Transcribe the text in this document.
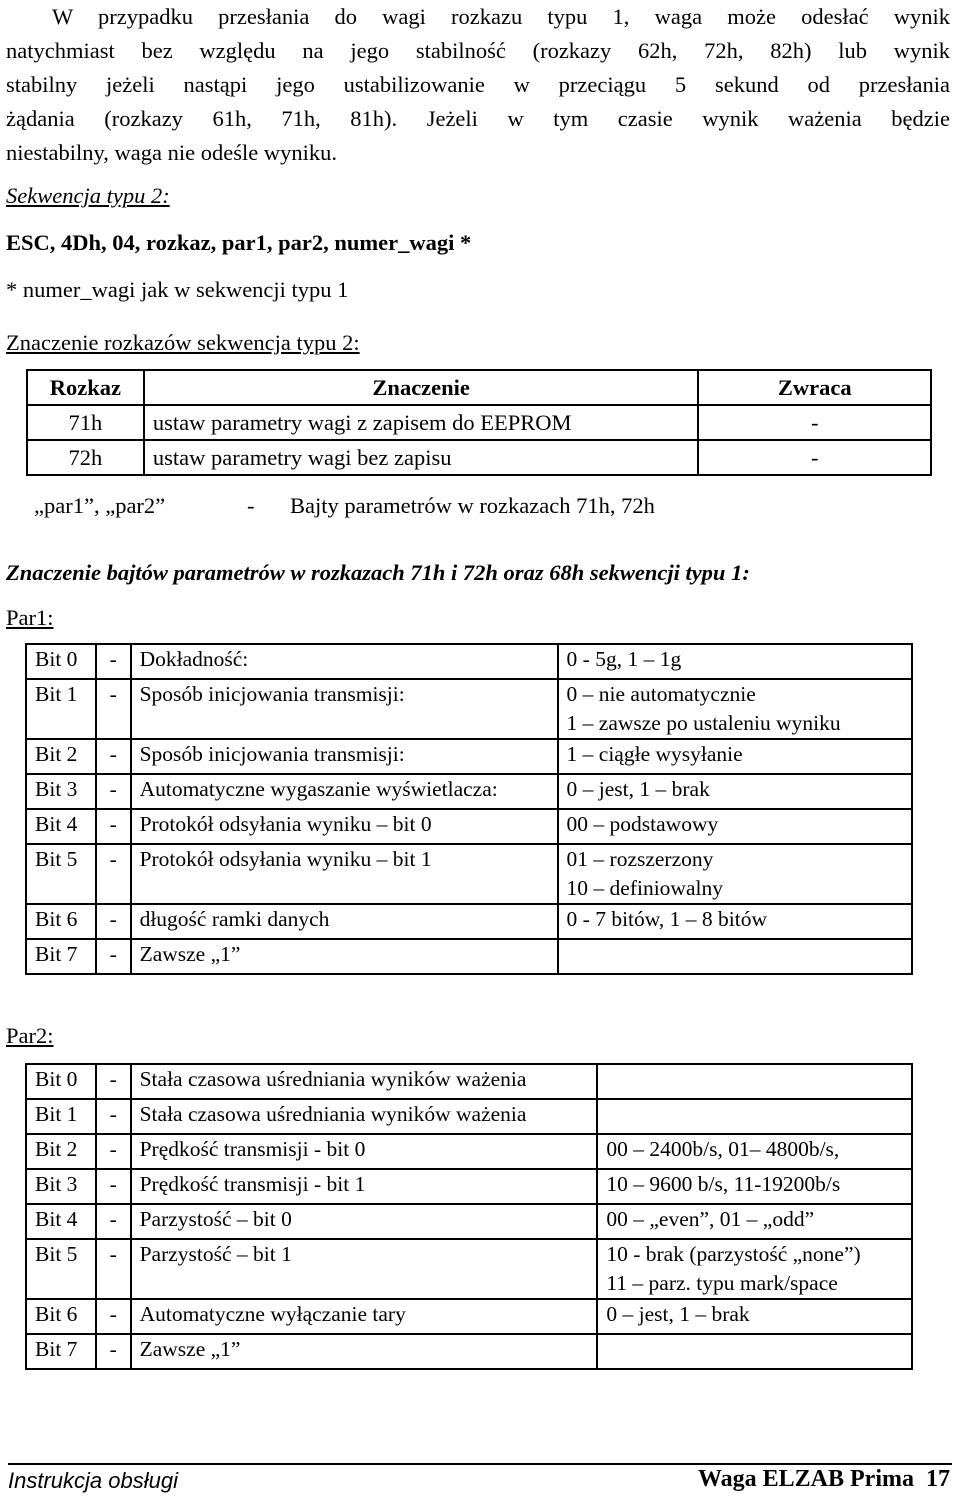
W przypadku przesłania do wagi rozkazu typu 1, waga może odesłać wynik
natychmiast bez względu na jego stabilność (rozkazy 62h, 72h, 82h) lub wynik
stabilny jeżeli nastąpi jego ustabilizowanie w przeciągu 5 sekund od przesłania
żądania (rozkazy 61h, 71h, 81h). Jeżeli w tym czasie wynik ważenia będzie
niestabilny, waga nie odeśle wyniku.
Sekwencja typu 2:
ESC, 4Dh, 04, rozkaz, par1, par2, numer_wagi *
* numer_wagi jak w sekwencji typu 1
Znaczenie rozkazów sekwencja typu 2:
Rozkaz	Znaczenie	Zwraca
71h	ustaw parametry wagi z zapisem do EEPROM	-
72h	ustaw parametry wagi bez zapisu	-
„par1”, „par2”	- Bajty parametrów w rozkazach 71h, 72h
Znaczenie bajtów parametrów w rozkazach 71h i 72h oraz 68h sekwencji typu 1:
Par1:
Bit 0	-	Dokładność:	0 - 5g, 1 – 1g
Bit 1	-	Sposób inicjowania transmisji:	0 – nie automatycznie
1 – zawsze po ustaleniu wyniku

Bit 2	-	Sposób inicjowania transmisji:	1 – ciągłe wysyłanie
Bit 3	-	Automatyczne wygaszanie wyświetlacza:	0 – jest, 1 – brak
Bit 4	-	Protokół odsyłania wyniku – bit 0	00 – podstawowy
Bit 5	-	Protokół odsyłania wyniku – bit 1	01 – rozszerzony
10 – definiowalny

Bit 6	-	długość ramki danych	0 - 7 bitów, 1 – 8 bitów
Bit 7	-	Zawsze „1”	
Par2:
Bit 0	-	Stała czasowa uśredniania wyników ważenia	
Bit 1	-	Stała czasowa uśredniania wyników ważenia	
Bit 2	-	Prędkość transmisji - bit 0	00 – 2400b/s, 01– 4800b/s,
Bit 3	-	Prędkość transmisji - bit 1	10 – 9600 b/s, 11-19200b/s
Bit 4	-	Parzystość – bit 0	00 – „even”, 01 – „odd”
Bit 5	-	Parzystość – bit 1	10 - brak (parzystość „none”)
11 – parz. typu mark/space

Bit 6	-	Automatyczne wyłączanie tary	0 – jest, 1 – brak
Bit 7	-	Zawsze „1”	
Instrukcja obsługi	Waga ELZAB Prima  17
